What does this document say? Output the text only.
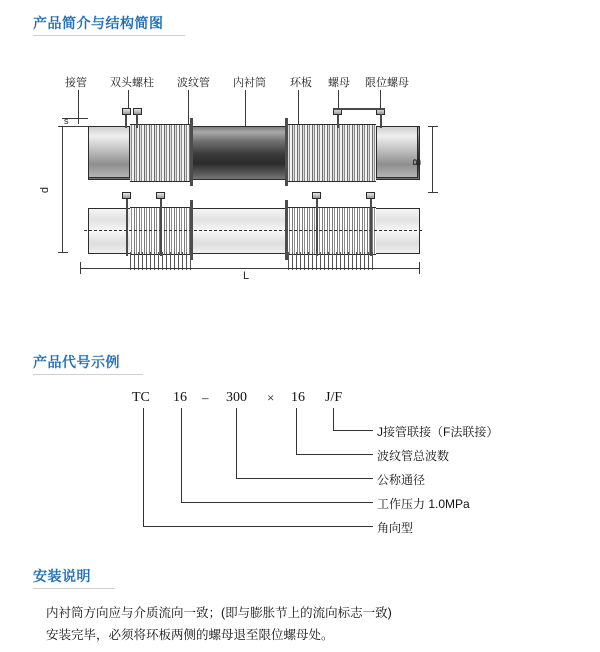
产品简介与结构简图
接管 双头螺柱 波纹管 内衬筒 环板 螺母 限位螺母
s
d
B
L
产品代号示例
TC 16 – 300 × 16 J/F
J接管联接（F法联接）
波纹管总波数
公称通径
工作压力 1.0MPa
角向型
安装说明
内衬筒方向应与介质流向一致；(即与膨胀节上的流向标志一致)
安装完毕，必须将环板两侧的螺母退至限位螺母处。
